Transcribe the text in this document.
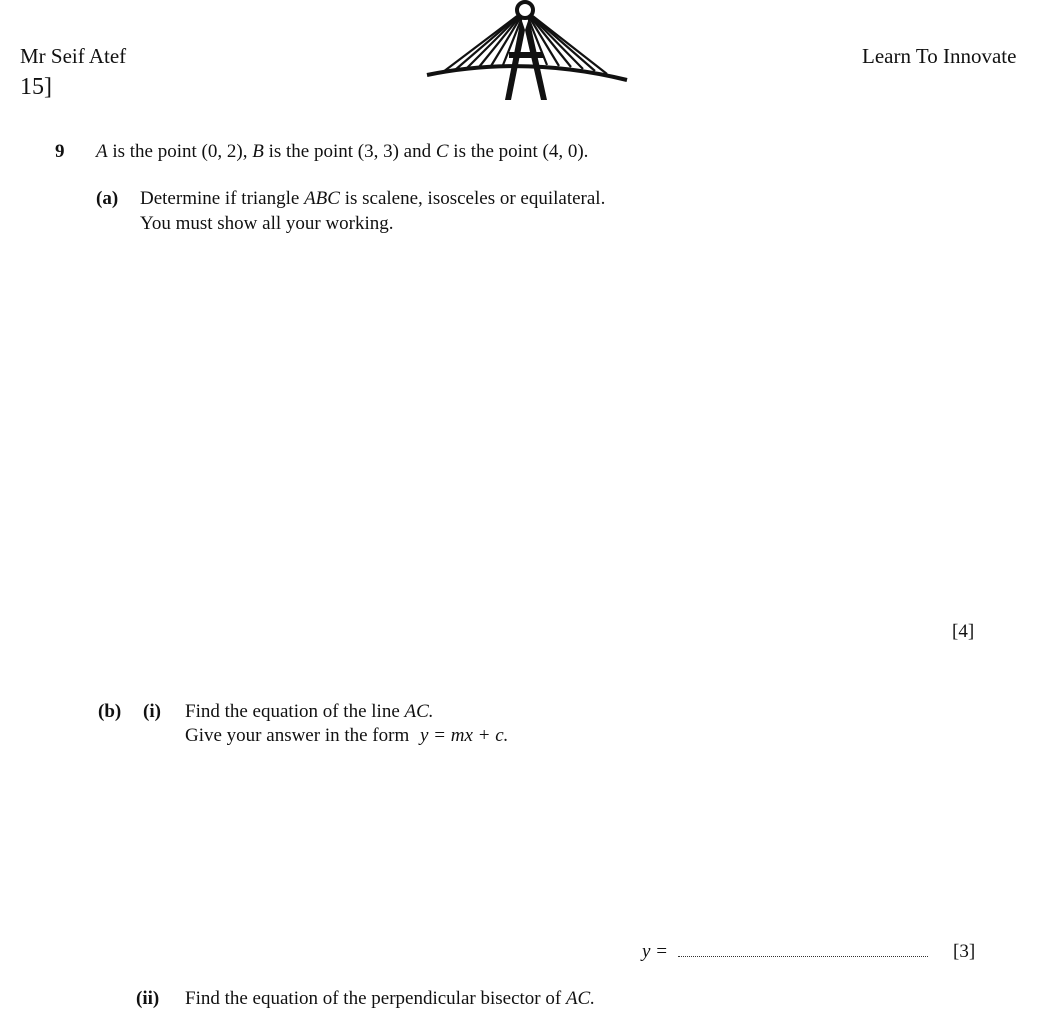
Mr Seif Atef
15]
Learn To Innovate
9 A is the point (0, 2), B is the point (3, 3) and C is the point (4, 0).
(a) Determine if triangle ABC is scalene, isosceles or equilateral.
You must show all your working.
[4]
(b) (i) Find the equation of the line AC.
Give your answer in the form y = mx + c.
y =	[3]
(ii) Find the equation of the perpendicular bisector of AC.
